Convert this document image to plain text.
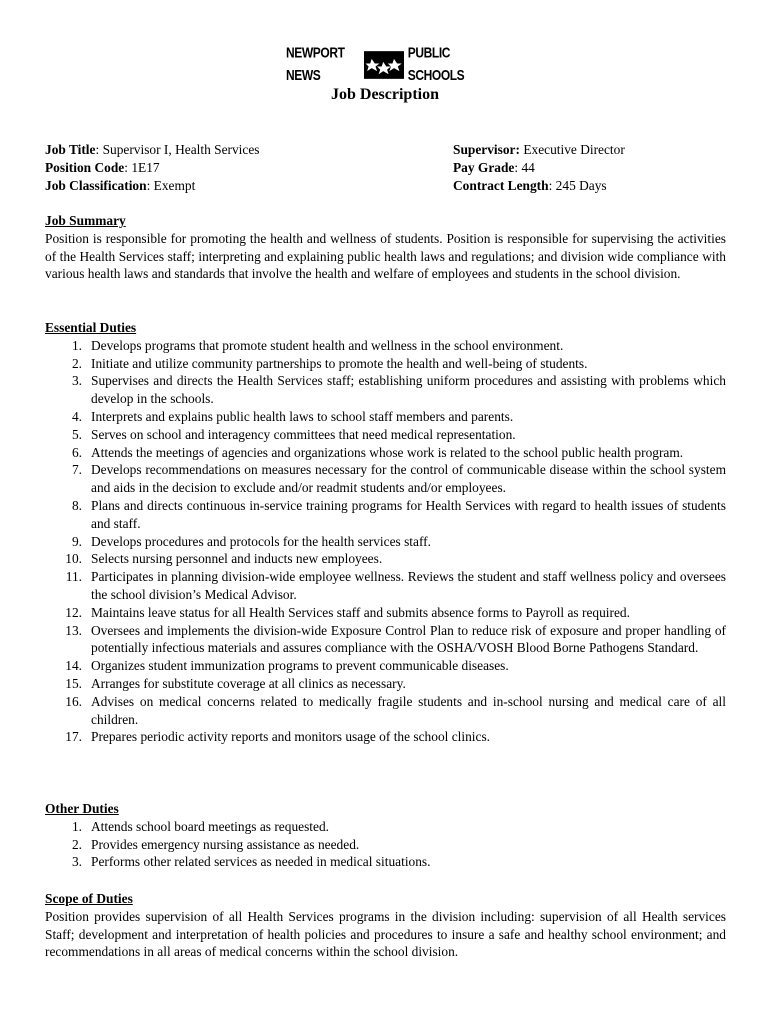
NEWPORT NEWS
PUBLIC SCHOOLS
Job Description
Job Title: Supervisor I, Health Services
Position Code: 1E17
Job Classification: Exempt
Supervisor: Executive Director
Pay Grade: 44
Contract Length: 245 Days
Job Summary
Position is responsible for promoting the health and wellness of students. Position is responsible for supervising the activities of the Health Services staff; interpreting and explaining public health laws and regulations; and division wide compliance with various health laws and standards that involve the health and welfare of employees and students in the school division.
Essential Duties
1. Develops programs that promote student health and wellness in the school environment.
2. Initiate and utilize community partnerships to promote the health and well-being of students.
3. Supervises and directs the Health Services staff; establishing uniform procedures and assisting with problems which develop in the schools.
4. Interprets and explains public health laws to school staff members and parents.
5. Serves on school and interagency committees that need medical representation.
6. Attends the meetings of agencies and organizations whose work is related to the school public health program.
7. Develops recommendations on measures necessary for the control of communicable disease within the school system and aids in the decision to exclude and/or readmit students and/or employees.
8. Plans and directs continuous in-service training programs for Health Services with regard to health issues of students and staff.
9. Develops procedures and protocols for the health services staff.
10. Selects nursing personnel and inducts new employees.
11. Participates in planning division-wide employee wellness. Reviews the student and staff wellness policy and oversees the school division’s Medical Advisor.
12. Maintains leave status for all Health Services staff and submits absence forms to Payroll as required.
13. Oversees and implements the division-wide Exposure Control Plan to reduce risk of exposure and proper handling of potentially infectious materials and assures compliance with the OSHA/VOSH Blood Borne Pathogens Standard.
14. Organizes student immunization programs to prevent communicable diseases.
15. Arranges for substitute coverage at all clinics as necessary.
16. Advises on medical concerns related to medically fragile students and in-school nursing and medical care of all children.
17. Prepares periodic activity reports and monitors usage of the school clinics.
Other Duties
1. Attends school board meetings as requested.
2. Provides emergency nursing assistance as needed.
3. Performs other related services as needed in medical situations.
Scope of Duties
Position provides supervision of all Health Services programs in the division including: supervision of all Health services Staff; development and interpretation of health policies and procedures to insure a safe and healthy school environment; and recommendations in all areas of medical concerns within the school division.
